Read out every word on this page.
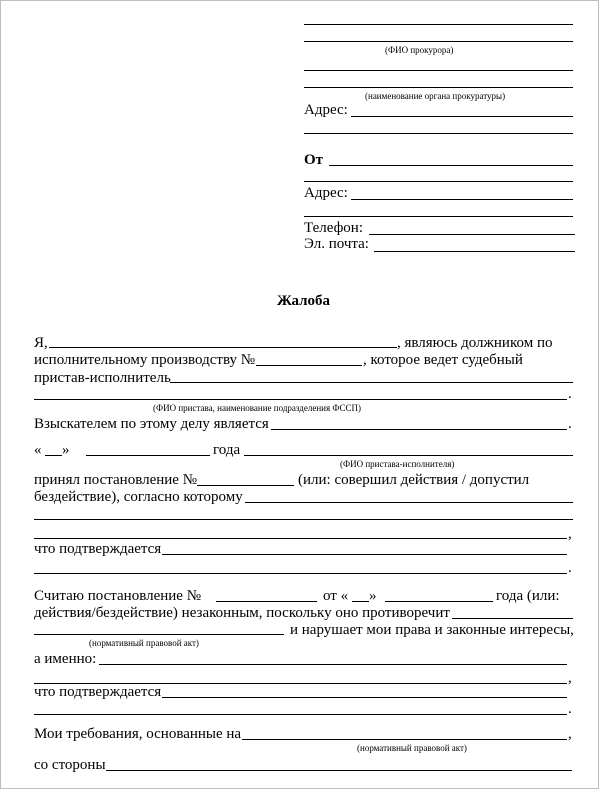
(ФИО прокурора)
(наименование органа прокуратуры)
Адрес:
От
Адрес:
Телефон:
Эл. почта:
Жалоба
Я,	, являюсь должником по
исполнительному производству №	, которое ведет судебный
пристав-исполнитель
.
(ФИО пристава, наименование подразделения ФССП)
Взыскателем по этому делу является	.
« »	года
(ФИО пристава-исполнителя)
принял постановление №	(или: совершил действия / допустил
бездействие), согласно которому
,
что подтверждается
.
Считаю постановление №	от « »	года (или:
действия/бездействие) незаконным, поскольку оно противоречит
и нарушает мои права и законные интересы,
(нормативный правовой акт)
а именно:
,
что подтверждается
.
Мои требования, основанные на	,
(нормативный правовой акт)
со стороны
